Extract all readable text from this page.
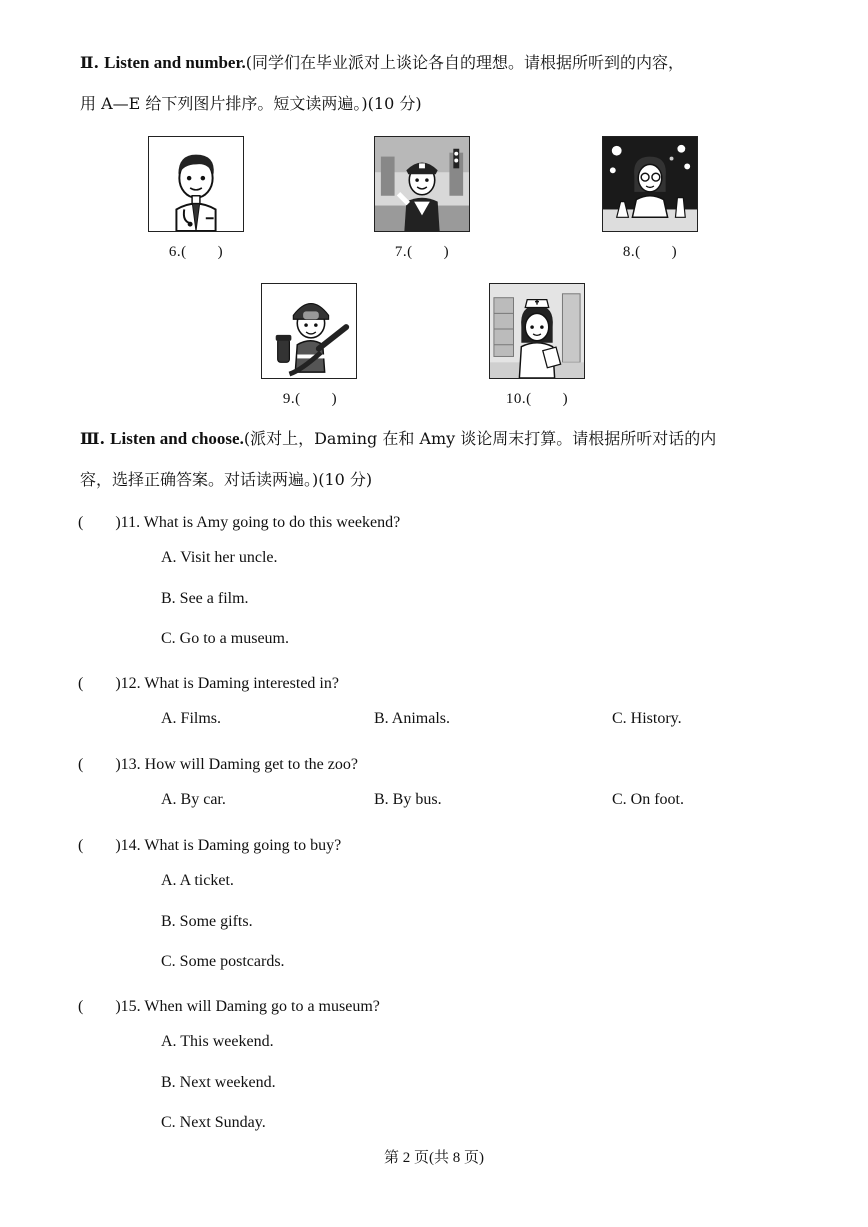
Ⅱ. Listen and number.(同学们在毕业派对上谈论各自的理想。请根据所听到的内容，
用 A—E 给下列图片排序。短文读两遍。)(10 分)
6.(　　)	7.(　　)	8.(　　)
9.(　　)	10.(　　)
Ⅲ. Listen and choose.(派对上，Daming 在和 Amy 谈论周末打算。请根据所听对话的内
容，选择正确答案。对话读两遍。)(10 分)
(　　)11. What is Amy going to do this weekend?
A. Visit her uncle.
B. See a film.
C. Go to a museum.
(　　)12. What is Daming interested in?
A. Films.	B. Animals.	C. History.
(　　)13. How will Daming get to the zoo?
A. By car.	B. By bus.	C. On foot.
(　　)14. What is Daming going to buy?
A. A ticket.
B. Some gifts.
C. Some postcards.
(　　)15. When will Daming go to a museum?
A. This weekend.
B. Next weekend.
C. Next Sunday.
第 2 页(共 8 页)
